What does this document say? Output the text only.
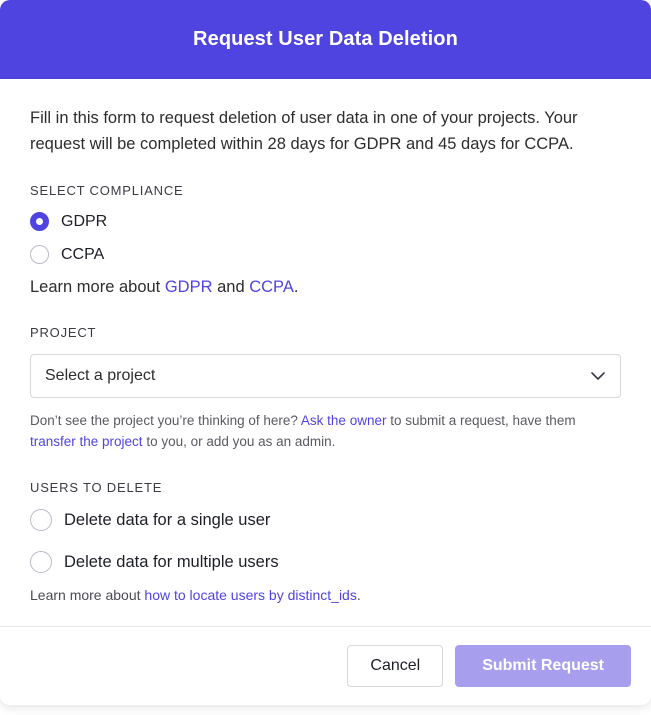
Request User Data Deletion

Fill in this form to request deletion of user data in one of your projects. Your request will be completed within 28 days for GDPR and 45 days for CCPA.

SELECT COMPLIANCE
GDPR
CCPA

Learn more about GDPR and CCPA.

PROJECT
Select a project

Don’t see the project you’re thinking of here? Ask the owner to submit a request, have them transfer the project to you, or add you as an admin.

USERS TO DELETE
Delete data for a single user
Delete data for multiple users

Learn more about how to locate users by distinct_ids.

Cancel	Submit Request
